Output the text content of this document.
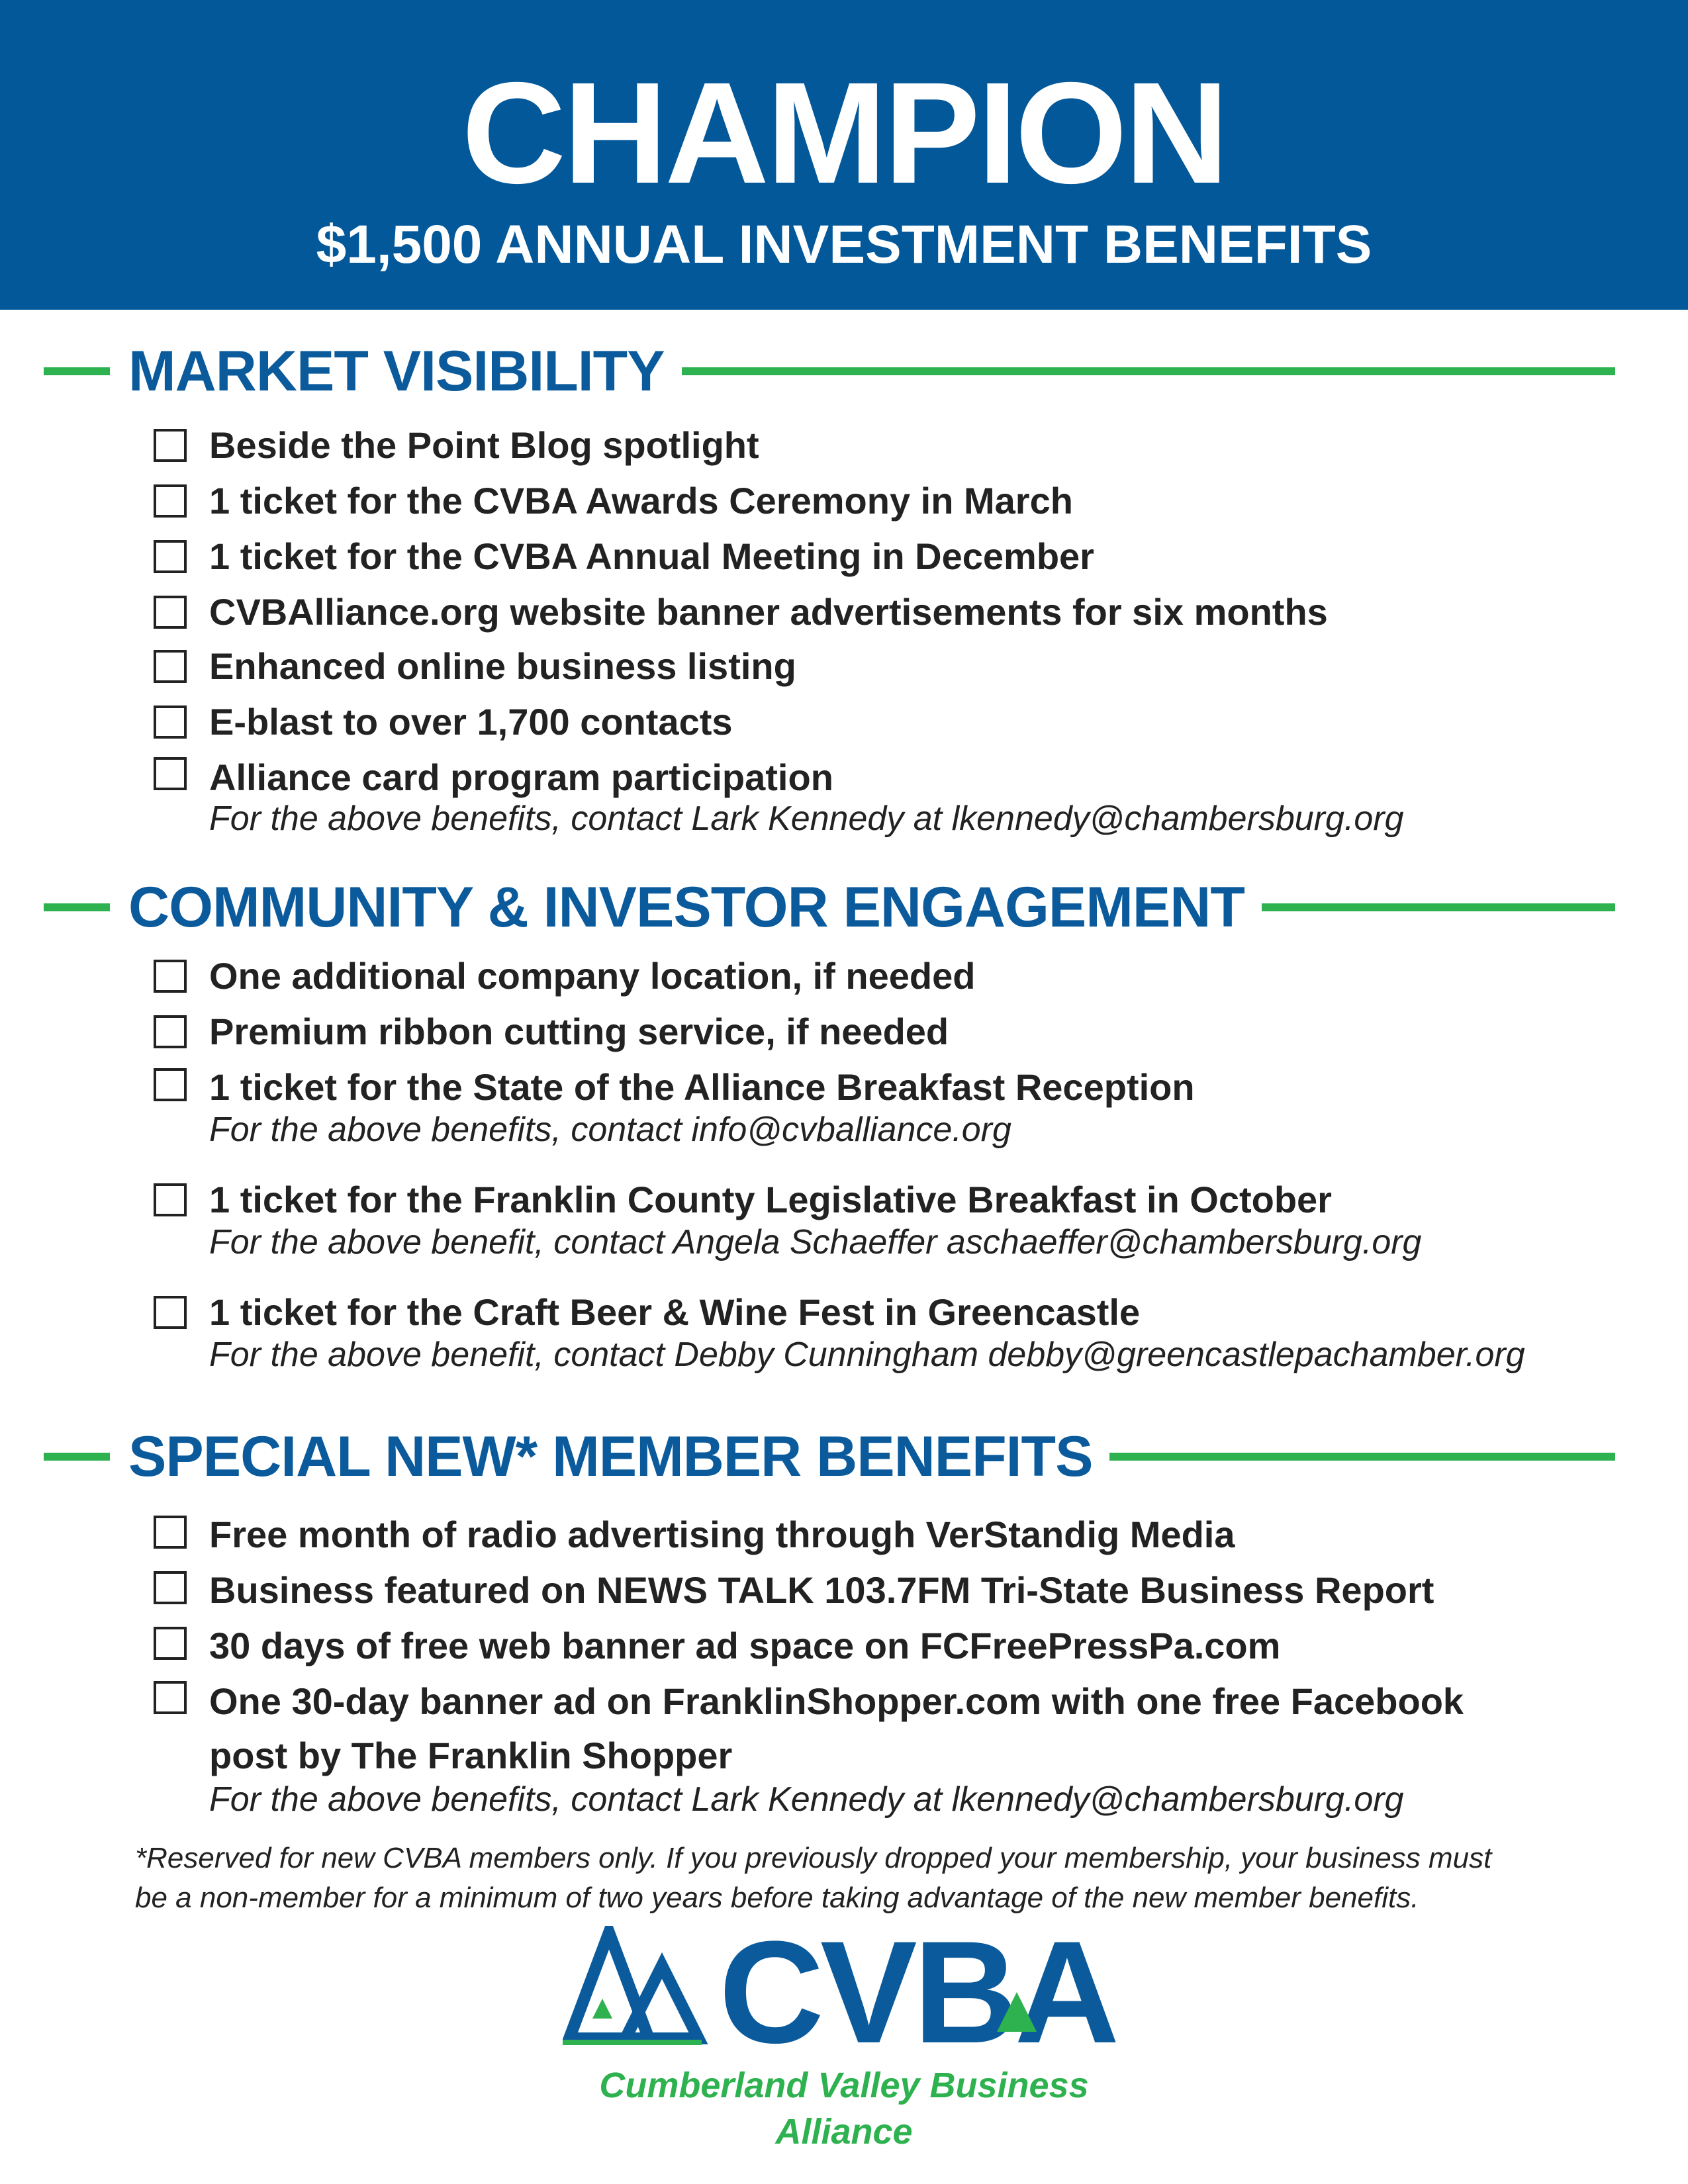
CHAMPION
$1,500 ANNUAL INVESTMENT BENEFITS
MARKET VISIBILITY
Beside the Point Blog spotlight
1 ticket for the CVBA Awards Ceremony in March
1 ticket for the CVBA Annual Meeting in December
CVBAlliance.org website banner advertisements for six months
Enhanced online business listing
E-blast to over 1,700 contacts
Alliance card program participation
For the above benefits, contact Lark Kennedy at lkennedy@chambersburg.org
COMMUNITY & INVESTOR ENGAGEMENT
One additional company location, if needed
Premium ribbon cutting service, if needed
1 ticket for the State of the Alliance Breakfast Reception
For the above benefits, contact info@cvballiance.org
1 ticket for the Franklin County Legislative Breakfast in October
For the above benefit, contact Angela Schaeffer aschaeffer@chambersburg.org
1 ticket for the Craft Beer & Wine Fest in Greencastle
For the above benefit, contact Debby Cunningham debby@greencastlepachamber.org
SPECIAL NEW* MEMBER BENEFITS
Free month of radio advertising through VerStandig Media
Business featured on NEWS TALK 103.7FM Tri-State Business Report
30 days of free web banner ad space on FCFreePressPa.com
One 30-day banner ad on FranklinShopper.com with one free Facebook
post by The Franklin Shopper
For the above benefits, contact Lark Kennedy at lkennedy@chambersburg.org
*Reserved for new CVBA members only. If you previously dropped your membership, your business must
be a non-member for a minimum of two years before taking advantage of the new member benefits.
CVBA
Cumberland Valley Business Alliance
